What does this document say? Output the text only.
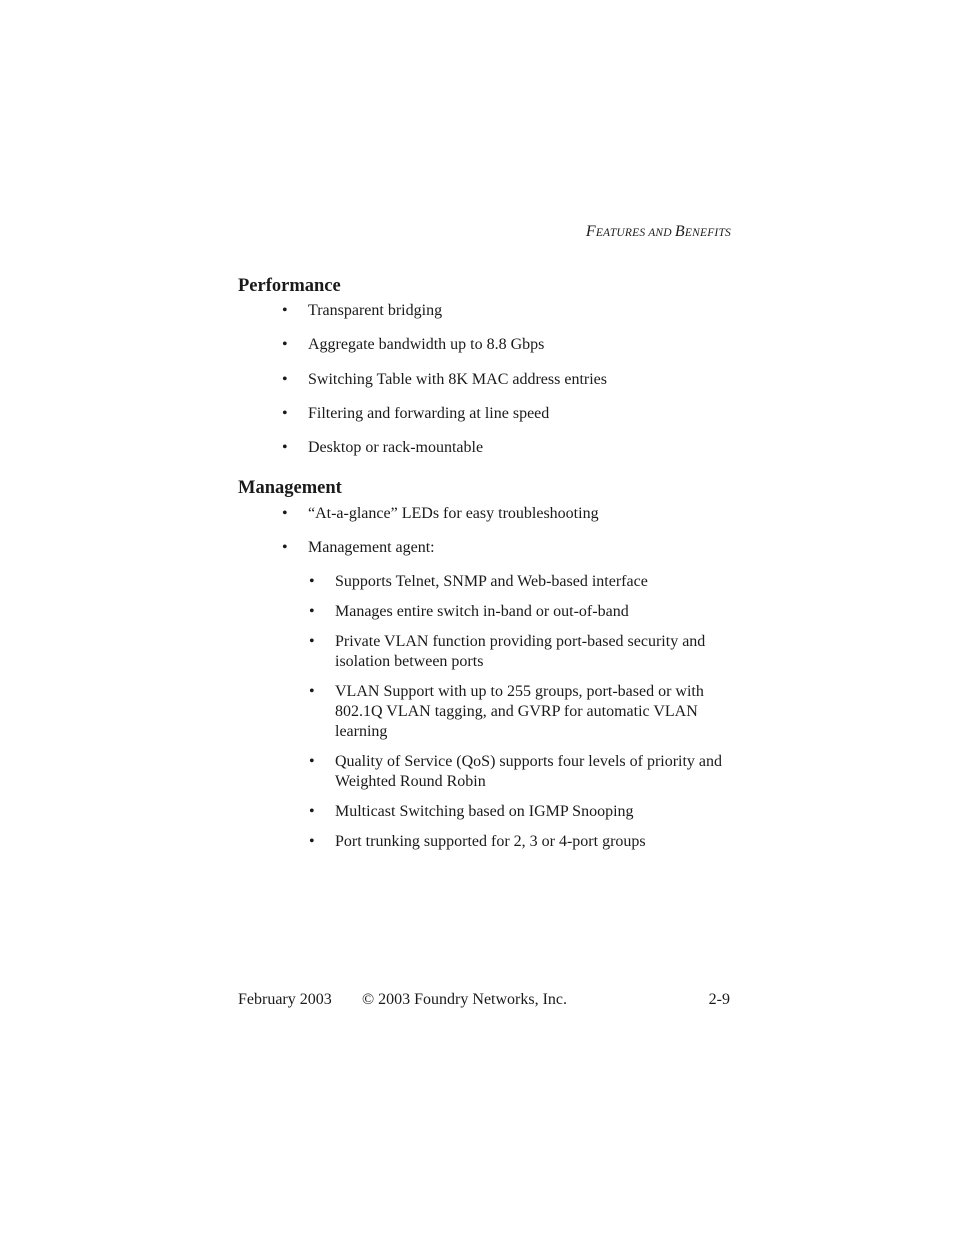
FEATURES AND BENEFITS
Performance
• Transparent bridging
• Aggregate bandwidth up to 8.8 Gbps
• Switching Table with 8K MAC address entries
• Filtering and forwarding at line speed
• Desktop or rack-mountable
Management
• “At-a-glance” LEDs for easy troubleshooting
• Management agent:
• Supports Telnet, SNMP and Web-based interface
• Manages entire switch in-band or out-of-band
• Private VLAN function providing port-based security and isolation between ports
• VLAN Support with up to 255 groups, port-based or with 802.1Q VLAN tagging, and GVRP for automatic VLAN learning
• Quality of Service (QoS) supports four levels of priority and Weighted Round Robin
• Multicast Switching based on IGMP Snooping
• Port trunking supported for 2, 3 or 4-port groups
February 2003 © 2003 Foundry Networks, Inc.	2-9
